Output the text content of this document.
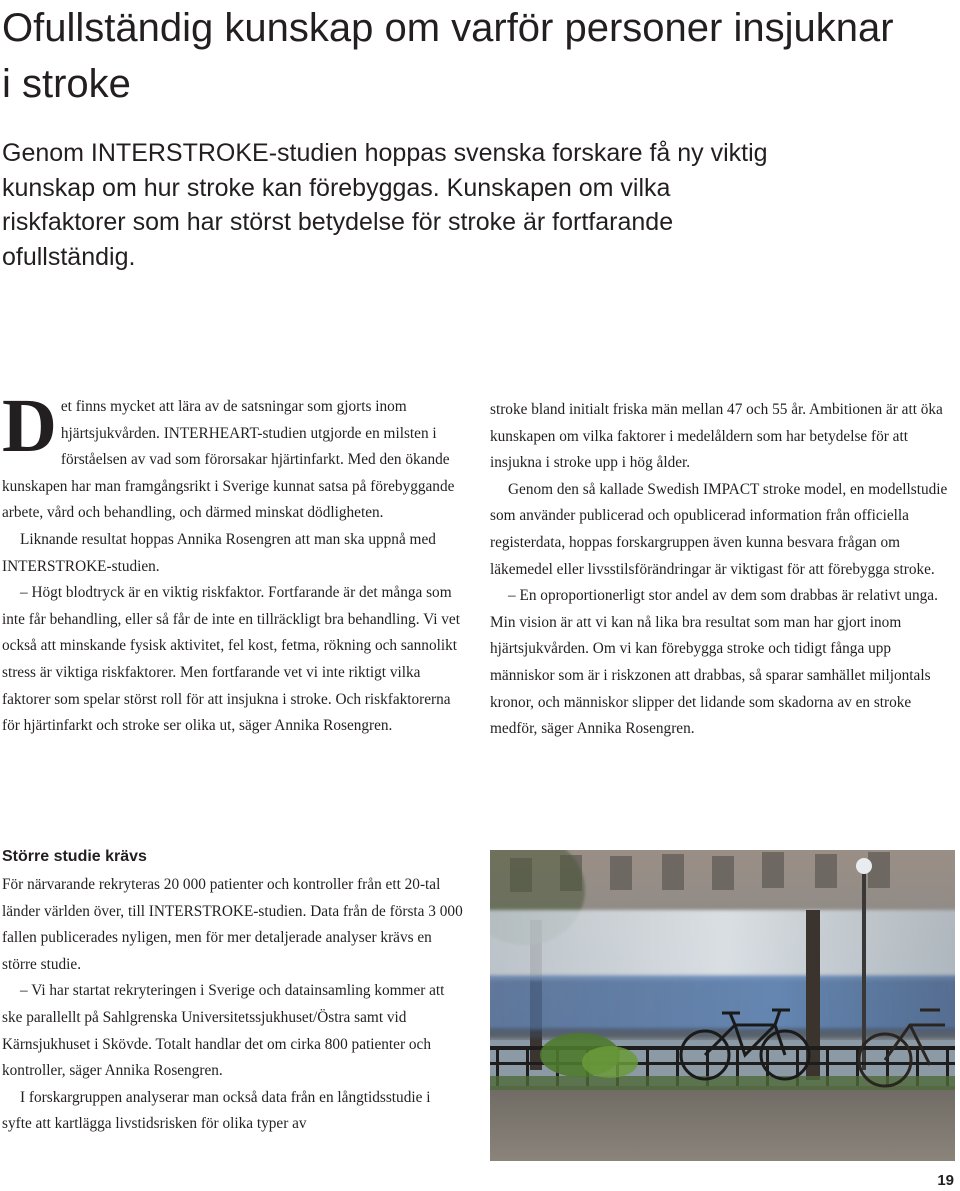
Ofullständig kunskap om varför personer insjuknar i stroke

Genom INTERSTROKE-studien hoppas svenska forskare få ny viktig kunskap om hur stroke kan förebyggas. Kunskapen om vilka riskfaktorer som har störst betydelse för stroke är fortfarande ofullständig.

Det finns mycket att lära av de satsningar som gjorts inom hjärtsjukvården. INTERHEART-studien utgjorde en milsten i förståelsen av vad som förorsakar hjärtinfarkt. Med den ökande kunskapen har man framgångsrikt i Sverige kunnat satsa på förebyggande arbete, vård och behandling, och därmed minskat dödligheten.

Liknande resultat hoppas Annika Rosengren att man ska uppnå med INTERSTROKE-studien.

– Högt blodtryck är en viktig riskfaktor. Fortfarande är det många som inte får behandling, eller så får de inte en tillräckligt bra behandling. Vi vet också att minskande fysisk aktivitet, fel kost, fetma, rökning och sannolikt stress är viktiga riskfaktorer. Men fortfarande vet vi inte riktigt vilka faktorer som spelar störst roll för att insjukna i stroke. Och riskfaktorerna för hjärtinfarkt och stroke ser olika ut, säger Annika Rosengren.

stroke bland initialt friska män mellan 47 och 55 år. Ambitionen är att öka kunskapen om vilka faktorer i medelåldern som har betydelse för att insjukna i stroke upp i hög ålder.

Genom den så kallade Swedish IMPACT stroke model, en modellstudie som använder publicerad och opublicerad information från officiella registerdata, hoppas forskargruppen även kunna besvara frågan om läkemedel eller livsstilsförändringar är viktigast för att förebygga stroke.

– En oproportionerligt stor andel av dem som drabbas är relativt unga. Min vision är att vi kan nå lika bra resultat som man har gjort inom hjärtsjukvården. Om vi kan förebygga stroke och tidigt fånga upp människor som är i riskzonen att drabbas, så sparar samhället miljontals kronor, och människor slipper det lidande som skadorna av en stroke medför, säger Annika Rosengren.

Större studie krävs

För närvarande rekryteras 20 000 patienter och kontroller från ett 20-tal länder världen över, till INTERSTROKE-studien. Data från de första 3 000 fallen publicerades nyligen, men för mer detaljerade analyser krävs en större studie.

– Vi har startat rekryteringen i Sverige och datainsamling kommer att ske parallellt på Sahlgrenska Universitetssjukhuset/Östra samt vid Kärnsjukhuset i Skövde. Totalt handlar det om cirka 800 patienter och kontroller, säger Annika Rosengren.

I forskargruppen analyserar man också data från en långtidsstudie i syfte att kartlägga livstidsrisken för olika typer av

19
